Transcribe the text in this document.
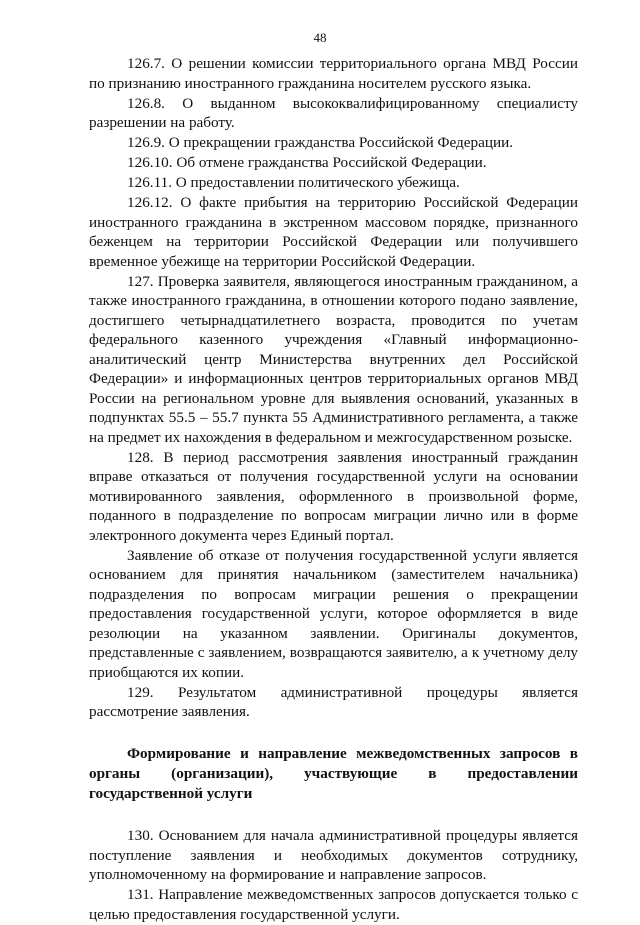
48

126.7. О решении комиссии территориального органа МВД России по признанию иностранного гражданина носителем русского языка.

126.8. О выданном высококвалифицированному специалисту разрешении на работу.

126.9. О прекращении гражданства Российской Федерации.

126.10. Об отмене гражданства Российской Федерации.

126.11. О предоставлении политического убежища.

126.12. О факте прибытия на территорию Российской Федерации иностранного гражданина в экстренном массовом порядке, признанного беженцем на территории Российской Федерации или получившего временное убежище на территории Российской Федерации.

127. Проверка заявителя, являющегося иностранным гражданином, а также иностранного гражданина, в отношении которого подано заявление, достигшего четырнадцатилетнего возраста, проводится по учетам федерального казенного учреждения «Главный информационно-аналитический центр Министерства внутренних дел Российской Федерации» и информационных центров территориальных органов МВД России на региональном уровне для выявления оснований, указанных в подпунктах 55.5 – 55.7 пункта 55 Административного регламента, а также на предмет их нахождения в федеральном и межгосударственном розыске.

128. В период рассмотрения заявления иностранный гражданин вправе отказаться от получения государственной услуги на основании мотивированного заявления, оформленного в произвольной форме, поданного в подразделение по вопросам миграции лично или в форме электронного документа через Единый портал.

Заявление об отказе от получения государственной услуги является основанием для принятия начальником (заместителем начальника) подразделения по вопросам миграции решения о прекращении предоставления государственной услуги, которое оформляется в виде резолюции на указанном заявлении. Оригиналы документов, представленные с заявлением, возвращаются заявителю, а к учетному делу приобщаются их копии.

129. Результатом административной процедуры является рассмотрение заявления.

Формирование и направление межведомственных запросов в органы (организации), участвующие в предоставлении государственной услуги

130. Основанием для начала административной процедуры является поступление заявления и необходимых документов сотруднику, уполномоченному на формирование и направление запросов.

131. Направление межведомственных запросов допускается только с целью предоставления государственной услуги.
